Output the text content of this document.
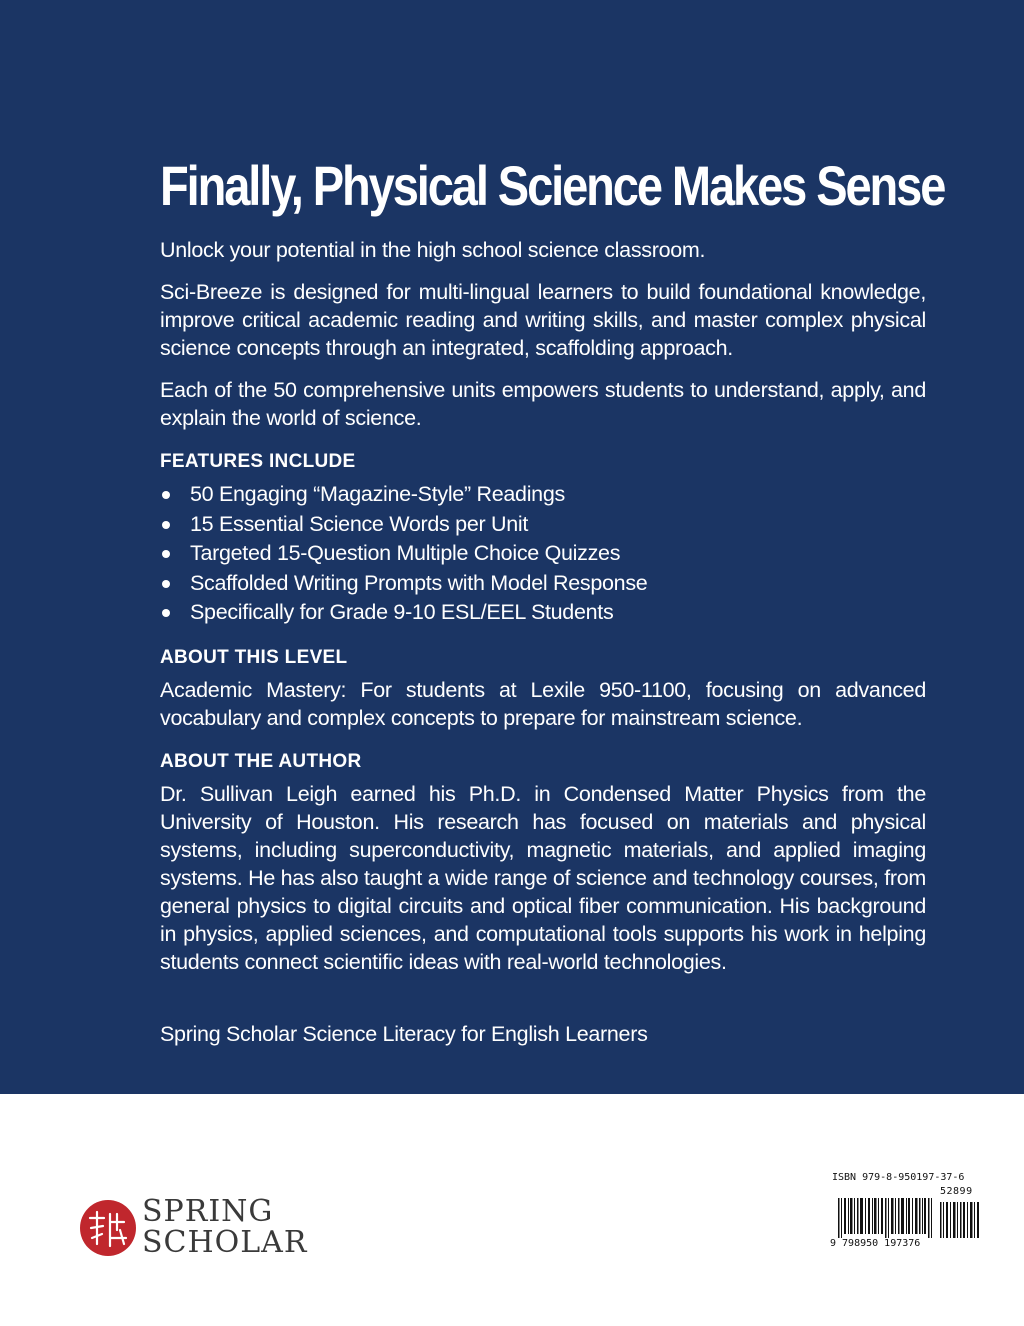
Finally, Physical Science Makes Sense

Unlock your potential in the high school science classroom.

Sci-Breeze is designed for multi-lingual learners to build foundational knowledge, improve critical academic reading and writing skills, and master complex physical science concepts through an integrated, scaffolding approach.

Each of the 50 comprehensive units empowers students to understand, apply, and explain the world of science.

FEATURES INCLUDE
50 Engaging “Magazine-Style” Readings
15 Essential Science Words per Unit
Targeted 15-Question Multiple Choice Quizzes
Scaffolded Writing Prompts with Model Response
Specifically for Grade 9-10 ESL/EEL Students
ABOUT THIS LEVEL

Academic Mastery: For students at Lexile 950-1100, focusing on advanced vocabulary and complex concepts to prepare for mainstream science.

ABOUT THE AUTHOR

Dr. Sullivan Leigh earned his Ph.D. in Condensed Matter Physics from the University of Houston. His research has focused on materials and physical systems, including superconductivity, magnetic materials, and applied imaging systems. He has also taught a wide range of science and technology courses, from general physics to digital circuits and optical fiber communication. His background in physics, applied sciences, and computational tools supports his work in helping students connect scientific ideas with real-world technologies.

Spring Scholar Science Literacy for English Learners
SPRING
SCHOLAR
ISBN 979-8-950197-37-6
52899
9 798950 197376
